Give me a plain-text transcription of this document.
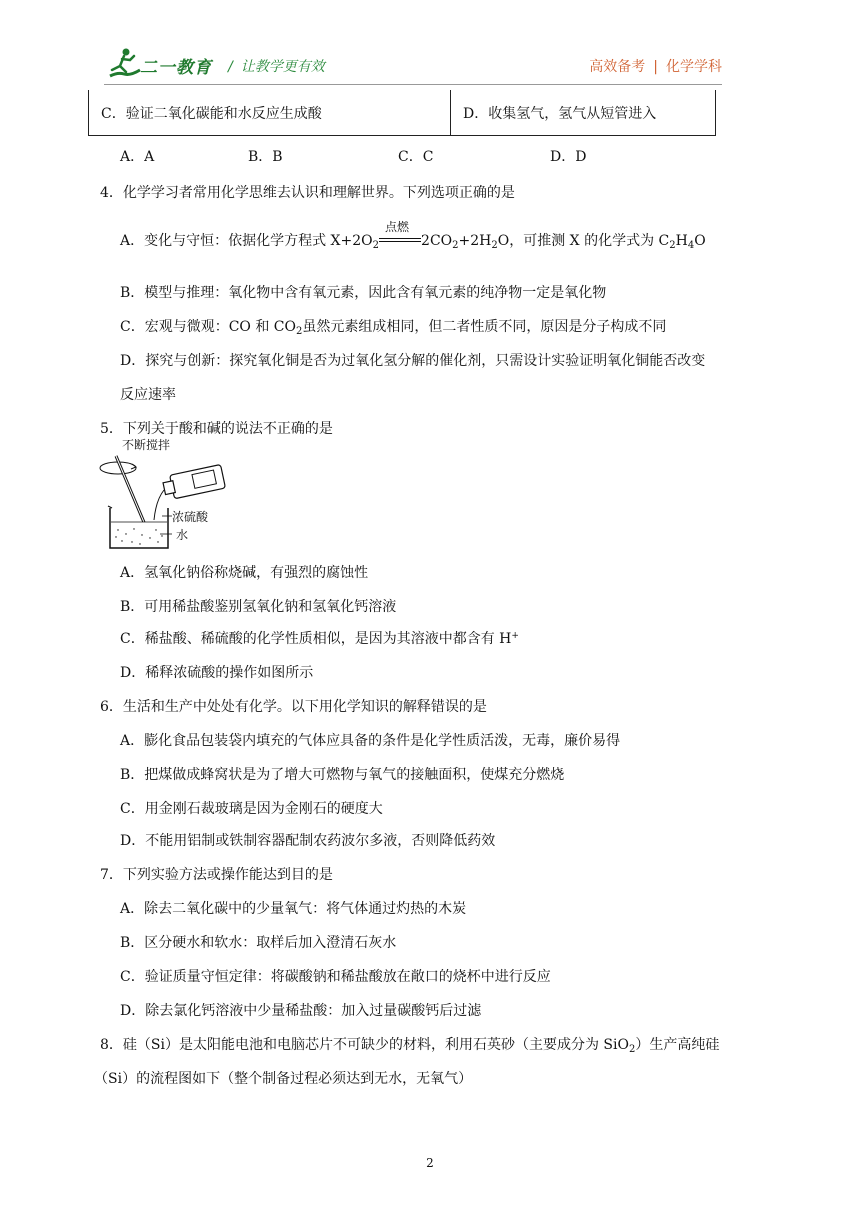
二一教育 / 让教学更有效	高效备考 | 化学学科
C．验证二氧化碳能和水反应生成酸	D．收集氢气，氢气从短管进入
A．A	B．B	C．C	D．D
4．化学学习者常用化学思维去认识和理解世界。下列选项正确的是
A．变化与守恒：依据化学方程式 $X+2O_2$
点燃
$2CO_2+2H_2O$，可推测 X 的化学式为 $C_2H_4O$
B．模型与推理：氧化物中含有氧元素，因此含有氧元素的纯净物一定是氧化物
C．宏观与微观：CO 和 $CO_2$虽然元素组成相同，但二者性质不同，原因是分子构成不同
D．探究与创新：探究氧化铜是否为过氧化氢分解的催化剂，只需设计实验证明氧化铜能否改变
反应速率
5．下列关于酸和碱的说法不正确的是
不断搅拌
浓硫酸
水
A．氢氧化钠俗称烧碱，有强烈的腐蚀性
B．可用稀盐酸鉴别氢氧化钠和氢氧化钙溶液
C．稀盐酸、稀硫酸的化学性质相似，是因为其溶液中都含有 H+
D．稀释浓硫酸的操作如图所示
6．生活和生产中处处有化学。以下用化学知识的解释错误的是
A．膨化食品包装袋内填充的气体应具备的条件是化学性质活泼，无毒，廉价易得
B．把煤做成蜂窝状是为了增大可燃物与氧气的接触面积，使煤充分燃烧
C．用金刚石裁玻璃是因为金刚石的硬度大
D．不能用铝制或铁制容器配制农药波尔多液，否则降低药效
7．下列实验方法或操作能达到目的是
A．除去二氧化碳中的少量氧气：将气体通过灼热的木炭
B．区分硬水和软水：取样后加入澄清石灰水
C．验证质量守恒定律：将碳酸钠和稀盐酸放在敞口的烧杯中进行反应
D．除去氯化钙溶液中少量稀盐酸：加入过量碳酸钙后过滤
8．硅（Si）是太阳能电池和电脑芯片不可缺少的材料，利用石英砂（主要成分为 SiO$_2$）生产高纯硅
（Si）的流程图如下（整个制备过程必须达到无水，无氧气）
2
